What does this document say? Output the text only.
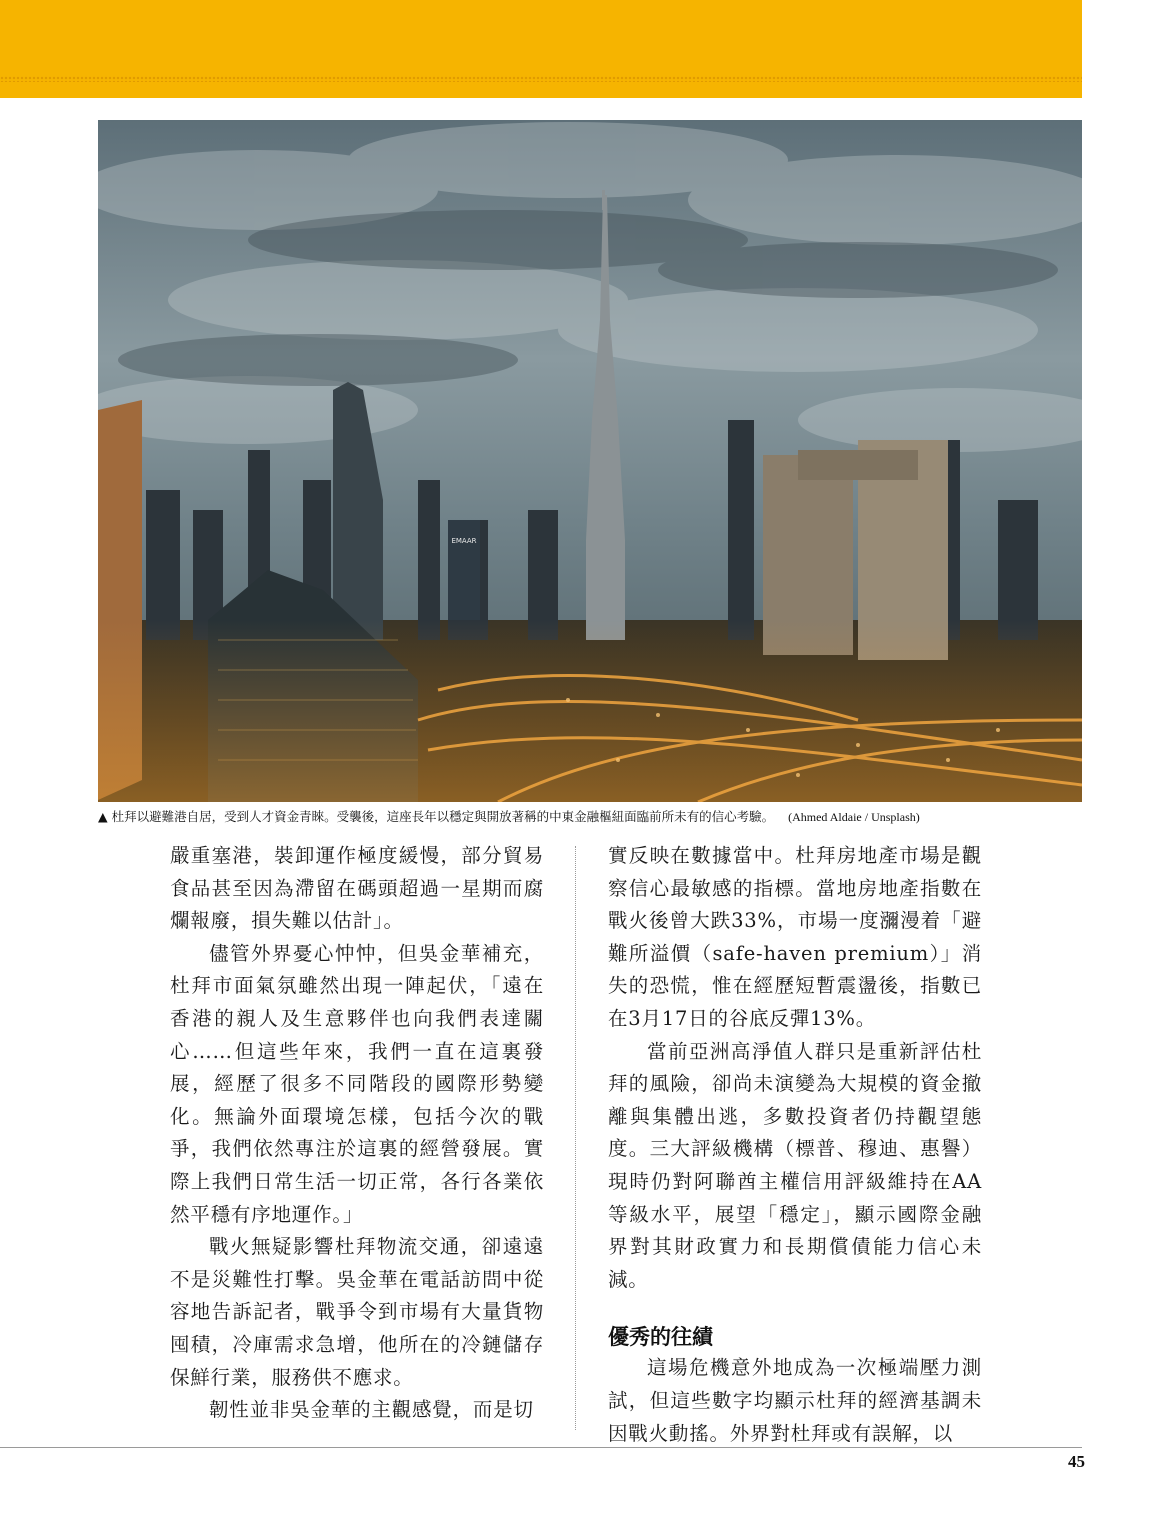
EMAAR
▲ 杜拜以避難港自居，受到人才資金青睞。受襲後，這座長年以穩定與開放著稱的中東金融樞紐面臨前所未有的信心考驗。 (Ahmed Aldaie / Unsplash)

嚴重塞港，裝卸運作極度緩慢，部分貿易食品甚至因為滯留在碼頭超過一星期而腐爛報廢，損失難以估計」。

儘管外界憂心忡忡，但吳金華補充，杜拜市面氣氛雖然出現一陣起伏，「遠在香港的親人及生意夥伴也向我們表達關心……但這些年來，我們一直在這裏發展，經歷了很多不同階段的國際形勢變化。無論外面環境怎樣，包括今次的戰爭，我們依然專注於這裏的經營發展。實際上我們日常生活一切正常，各行各業依然平穩有序地運作。」

戰火無疑影響杜拜物流交通，卻遠遠不是災難性打擊。吳金華在電話訪問中從容地告訴記者，戰爭令到市場有大量貨物囤積，冷庫需求急增，他所在的冷鏈儲存保鮮行業，服務供不應求。

韌性並非吳金華的主觀感覺，而是切

實反映在數據當中。杜拜房地產市場是觀察信心最敏感的指標。當地房地產指數在戰火後曾大跌33%，市場一度瀰漫着「避難所溢價（safe-haven premium）」消失的恐慌，惟在經歷短暫震盪後，指數已在3月17日的谷底反彈13%。

當前亞洲高淨值人群只是重新評估杜拜的風險，卻尚未演變為大規模的資金撤離與集體出逃，多數投資者仍持觀望態度。三大評級機構（標普、穆迪、惠譽）現時仍對阿聯酋主權信用評級維持在AA等級水平，展望「穩定」，顯示國際金融界對其財政實力和長期償債能力信心未減。

優秀的往績

這場危機意外地成為一次極端壓力測試，但這些數字均顯示杜拜的經濟基調未因戰火動搖。外界對杜拜或有誤解，以

45
